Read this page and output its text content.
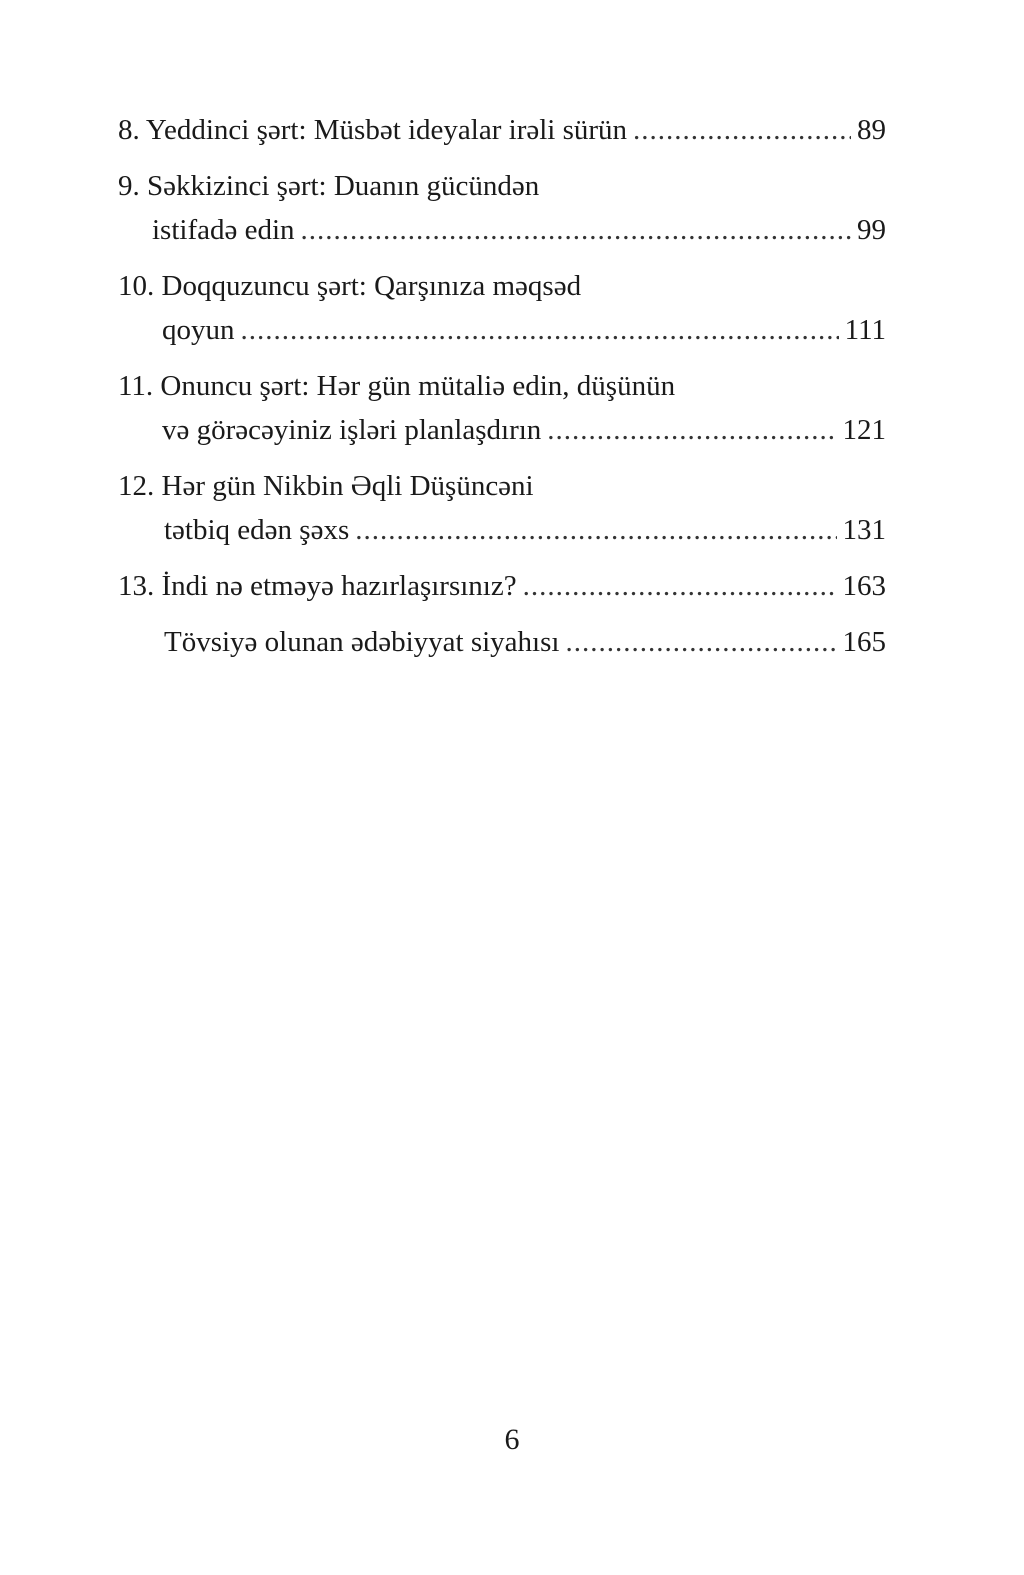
8. Yeddinci şərt: Müsbət ideyalar irəli sürün .....	89
9. Səkkizinci şərt: Duanın gücündən
istifadə edin .....	99
10. Doqquzuncu şərt: Qarşınıza məqsəd
qoyun .....	111
11. Onuncu şərt: Hər gün mütaliə edin, düşünün
və görəcəyiniz işləri planlaşdırın .....	121
12. Hər gün Nikbin Əqli Düşüncəni
tətbiq edən şəxs .....	131
13. İndi nə etməyə hazırlaşırsınız? .....	163
Tövsiyə olunan ədəbiyyat siyahısı .....	165
6
